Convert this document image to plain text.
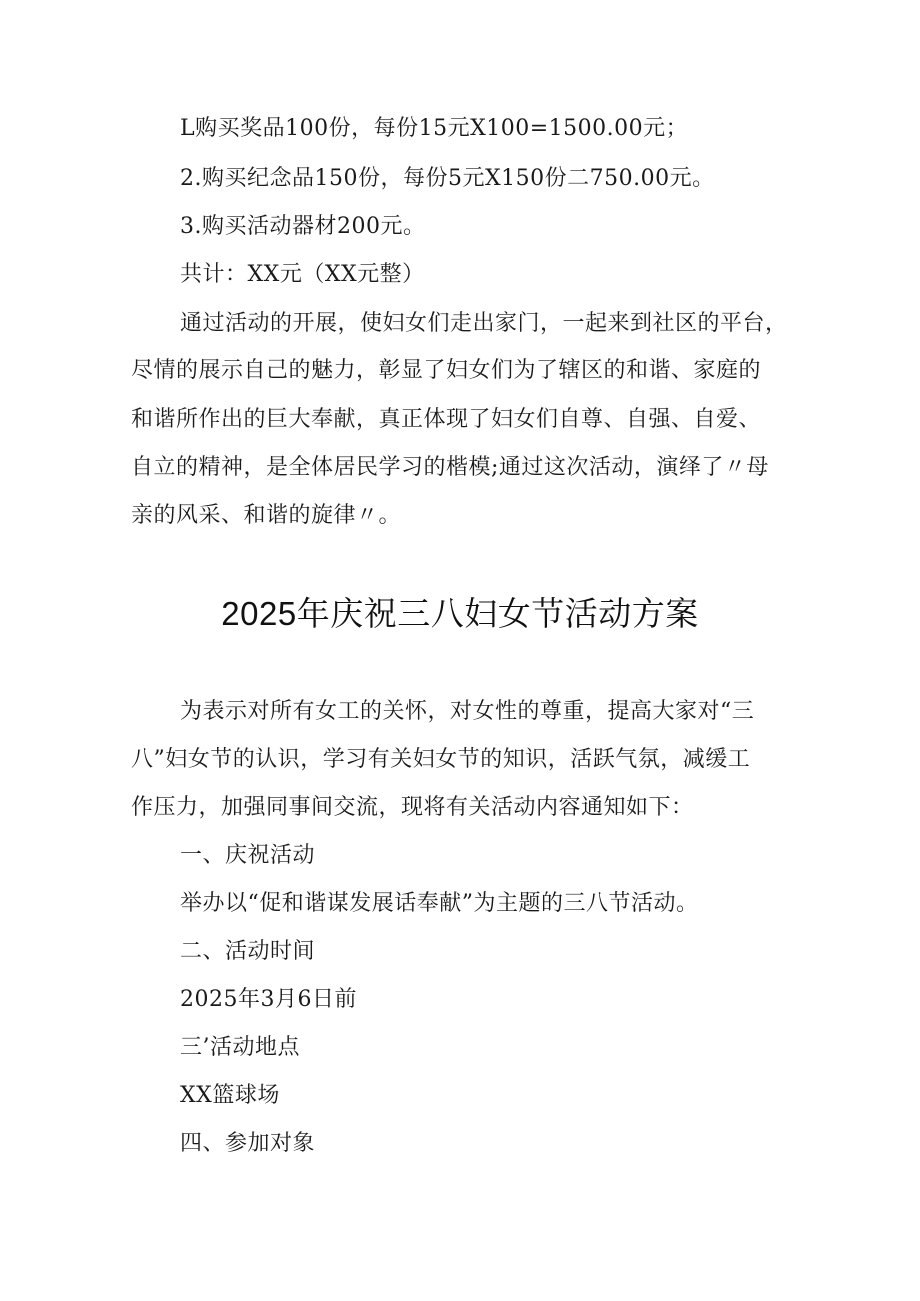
L购买奖品100份，每份15元X100=1500.00元；
2.购买纪念品150份，每份5元X150份二750.00元。
3.购买活动器材200元。
共计：XX元（XX元整）
通过活动的开展，使妇女们走出家门，一起来到社区的平台，
尽情的展示自己的魅力，彰显了妇女们为了辖区的和谐、家庭的
和谐所作出的巨大奉献，真正体现了妇女们自尊、自强、自爱、
自立的精神，是全体居民学习的楷模;通过这次活动，演绎了〃母
亲的风采、和谐的旋律〃。
2025年庆祝三八妇女节活动方案
为表示对所有女工的关怀，对女性的尊重，提高大家对“三
八”妇女节的认识，学习有关妇女节的知识，活跃气氛，减缓工
作压力，加强同事间交流，现将有关活动内容通知如下：
一、庆祝活动
举办以“促和谐谋发展话奉献”为主题的三八节活动。
二、活动时间
2025年3月6日前
三’活动地点
XX篮球场
四、参加对象
